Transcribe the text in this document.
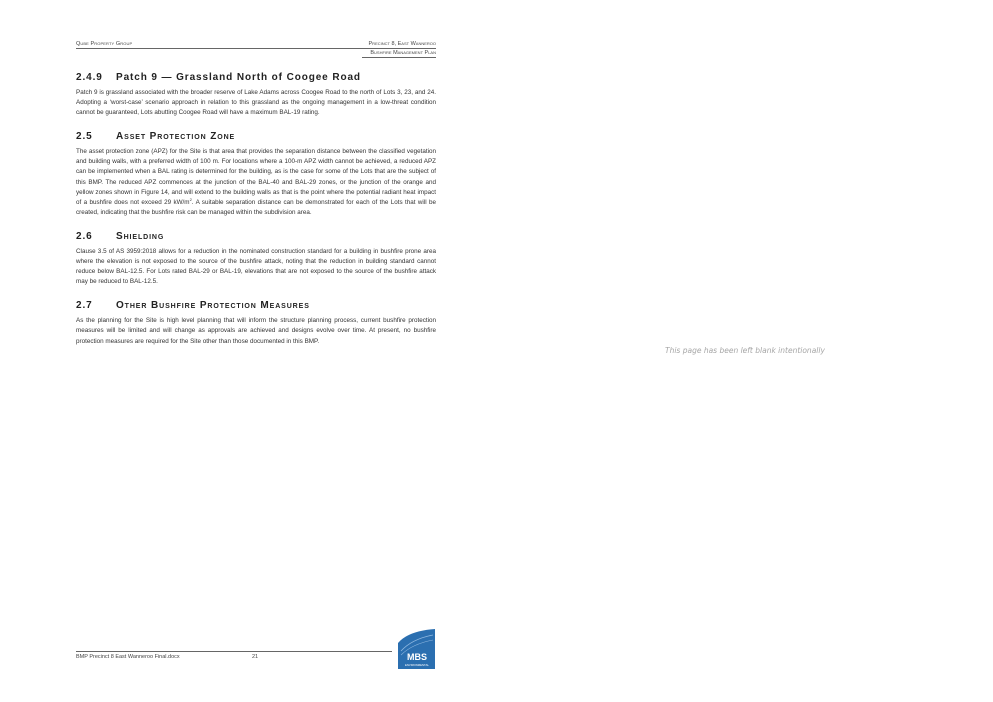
Qube Property Group	Precinct 8, East Wanneroo
Bushfire Management Plan
2.4.9 Patch 9 — Grassland North of Coogee Road

Patch 9 is grassland associated with the broader reserve of Lake Adams across Coogee Road to the north of Lots 3, 23, and 24. Adopting a ‘worst-case’ scenario approach in relation to this grassland as the ongoing management in a low-threat condition cannot be guaranteed, Lots abutting Coogee Road will have a maximum BAL-19 rating.

2.5 Asset Protection Zone

The asset protection zone (APZ) for the Site is that area that provides the separation distance between the classified vegetation and building walls, with a preferred width of 100 m. For locations where a 100-m APZ width cannot be achieved, a reduced APZ can be implemented when a BAL rating is determined for the building, as is the case for some of the Lots that are the subject of this BMP. The reduced APZ commences at the junction of the BAL-40 and BAL-29 zones, or the junction of the orange and yellow zones shown in Figure 14, and will extend to the building walls as that is the point where the potential radiant heat impact of a bushfire does not exceed 29 $kW/m^2$. A suitable separation distance can be demonstrated for each of the Lots that will be created, indicating that the bushfire risk can be managed within the subdivision area.

2.6 Shielding

Clause 3.5 of AS 3959:2018 allows for a reduction in the nominated construction standard for a building in bushfire prone area where the elevation is not exposed to the source of the bushfire attack, noting that the reduction in building standard cannot reduce below BAL-12.5. For Lots rated BAL-29 or BAL-19, elevations that are not exposed to the source of the bushfire attack may be reduced to BAL-12.5.

2.7 Other Bushfire Protection Measures

As the planning for the Site is high level planning that will inform the structure planning process, current bushfire protection measures will be limited and will change as approvals are achieved and designs evolve over time. At present, no bushfire protection measures are required for the Site other than those documented in this BMP.

BMP Precinct 8 East Wanneroo Final.docx	21	MBS
ENVIRONMENTAL
This page has been left blank intentionally
